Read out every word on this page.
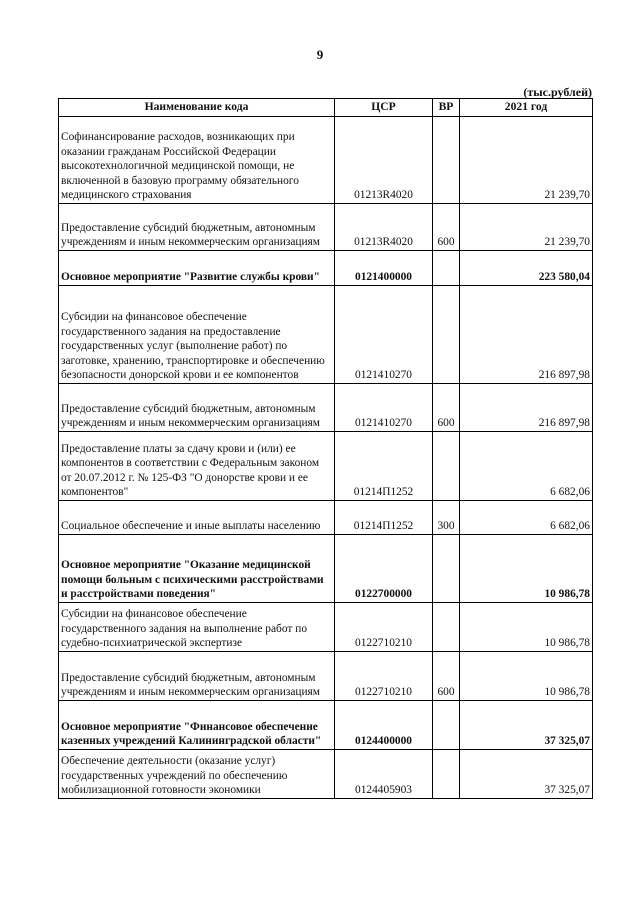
9
(тыс.рублей)
Наименование кода	ЦСР	ВР	2021 год
Софинансирование расходов, возникающих при оказании гражданам Российской Федерации высокотехнологичной медицинской помощи, не включенной в базовую программу обязательного медицинского страхования	01213R4020		21 239,70
Предоставление субсидий бюджетным, автономным учреждениям и иным некоммерческим организациям	01213R4020	600	21 239,70
Основное мероприятие "Развитие службы крови"	0121400000		223 580,04
Субсидии на финансовое обеспечение государственного задания на предоставление государственных услуг (выполнение работ) по заготовке, хранению, транспортировке и обеспечению безопасности донорской крови и ее компонентов	0121410270		216 897,98
Предоставление субсидий бюджетным, автономным учреждениям и иным некоммерческим организациям	0121410270	600	216 897,98
Предоставление платы за сдачу крови и (или) ее компонентов в соответствии с Федеральным законом от 20.07.2012 г. № 125-ФЗ "О донорстве крови и ее компонентов"	01214П1252		6 682,06
Социальное обеспечение и иные выплаты населению	01214П1252	300	6 682,06
Основное мероприятие "Оказание медицинской помощи больным с психическими расстройствами и расстройствами поведения"	0122700000		10 986,78
Субсидии на финансовое обеспечение государственного задания на выполнение работ по судебно-психиатрической экспертизе	0122710210		10 986,78
Предоставление субсидий бюджетным, автономным учреждениям и иным некоммерческим организациям	0122710210	600	10 986,78
Основное мероприятие "Финансовое обеспечение казенных учреждений Калининградской области"	0124400000		37 325,07
Обеспечение деятельности (оказание услуг) государственных учреждений по обеспечению мобилизационной готовности экономики	0124405903		37 325,07
